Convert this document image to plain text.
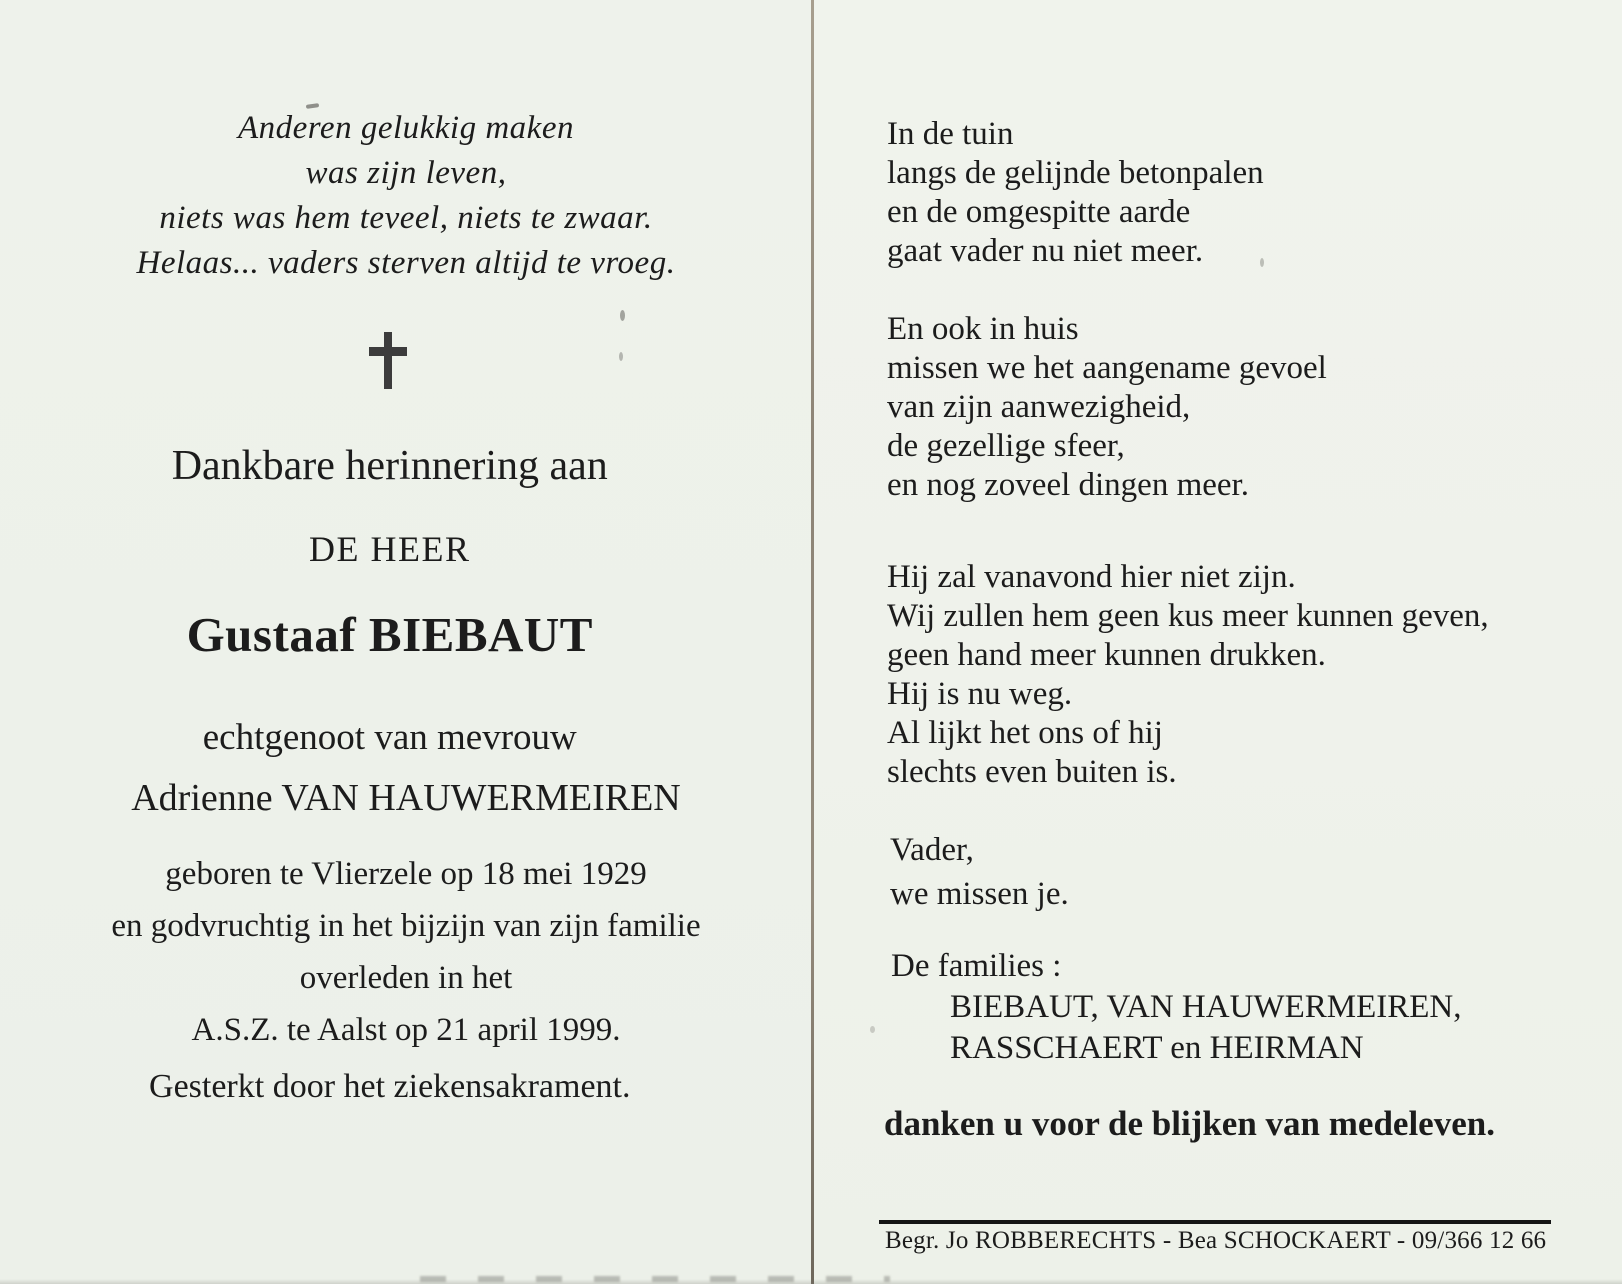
Anderen gelukkig maken
was zijn leven,
niets was hem teveel, niets te zwaar.
Helaas... vaders sterven altijd te vroeg.
Dankbare herinnering aan
DE HEER
Gustaaf BIEBAUT
echtgenoot van mevrouw
Adrienne VAN HAUWERMEIREN
geboren te Vlierzele op 18 mei 1929
en godvruchtig in het bijzijn van zijn familie
overleden in het
A.S.Z. te Aalst op 21 april 1999.
Gesterkt door het ziekensakrament.
In de tuin
langs de gelijnde betonpalen
en de omgespitte aarde
gaat vader nu niet meer.
En ook in huis
missen we het aangename gevoel
van zijn aanwezigheid,
de gezellige sfeer,
en nog zoveel dingen meer.
Hij zal vanavond hier niet zijn.
Wij zullen hem geen kus meer kunnen geven,
geen hand meer kunnen drukken.
Hij is nu weg.
Al lijkt het ons of hij
slechts even buiten is.
Vader,
we missen je.
De families :
BIEBAUT, VAN HAUWERMEIREN,
RASSCHAERT en HEIRMAN
danken u voor de blijken van medeleven.
Begr. Jo ROBBERECHTS - Bea SCHOCKAERT - 09/366 12 66
